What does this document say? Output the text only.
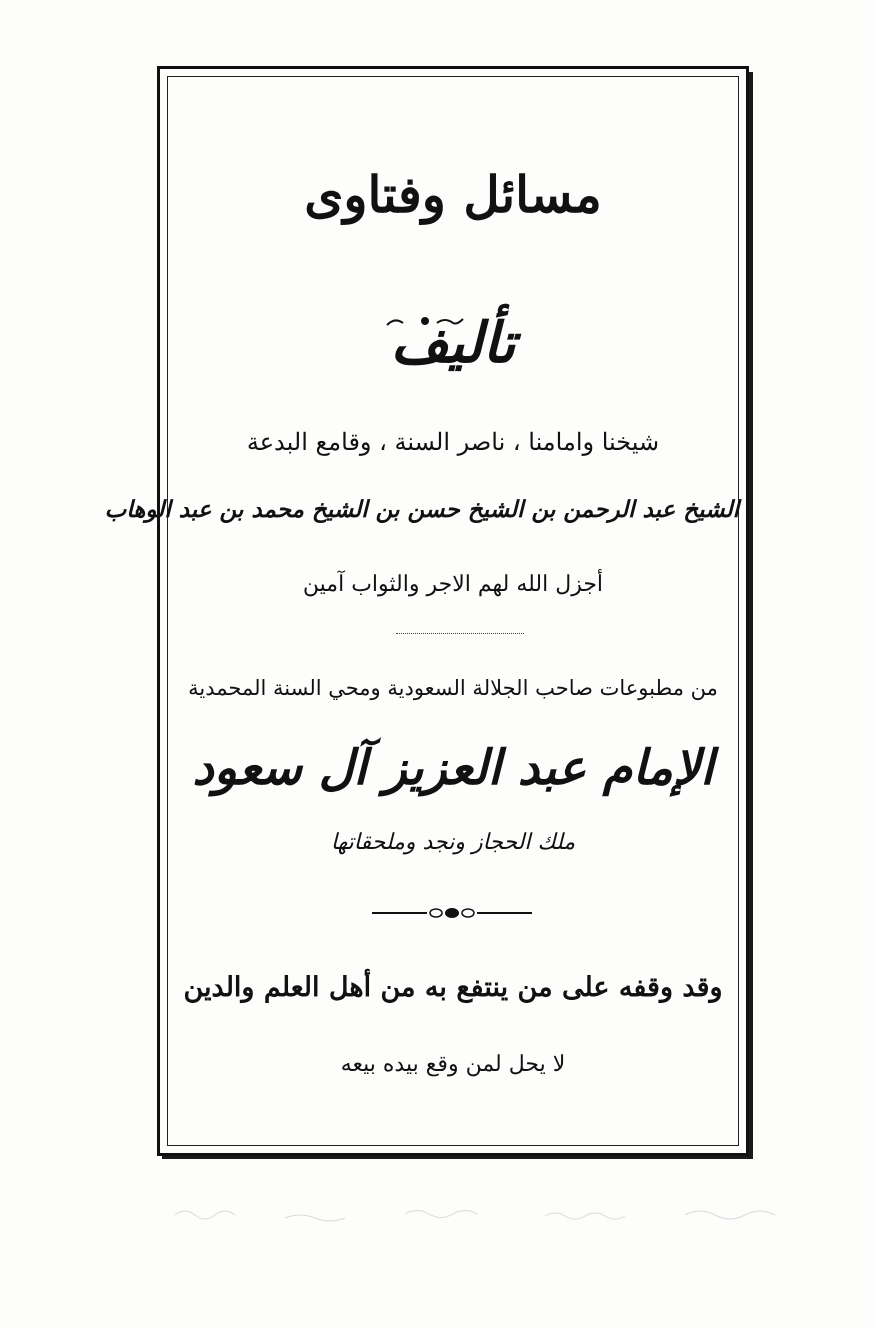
مسائل وفتاوى
تأليف
شيخنا وامامنا ، ناصر السنة ، وقامع البدعة
الشيخ عبد الرحمن بن الشيخ حسن بن الشيخ محمد بن عبد الوهاب
أجزل الله لهم الاجر والثواب آمين
من مطبوعات صاحب الجلالة السعودية ومحي السنة المحمدية
الإمام عبد العزيز آل سعود
ملك الحجاز ونجد وملحقاتها
وقد وقفه على من ينتفع به من أهل العلم والدين
لا يحل لمن وقع بيده بيعه
